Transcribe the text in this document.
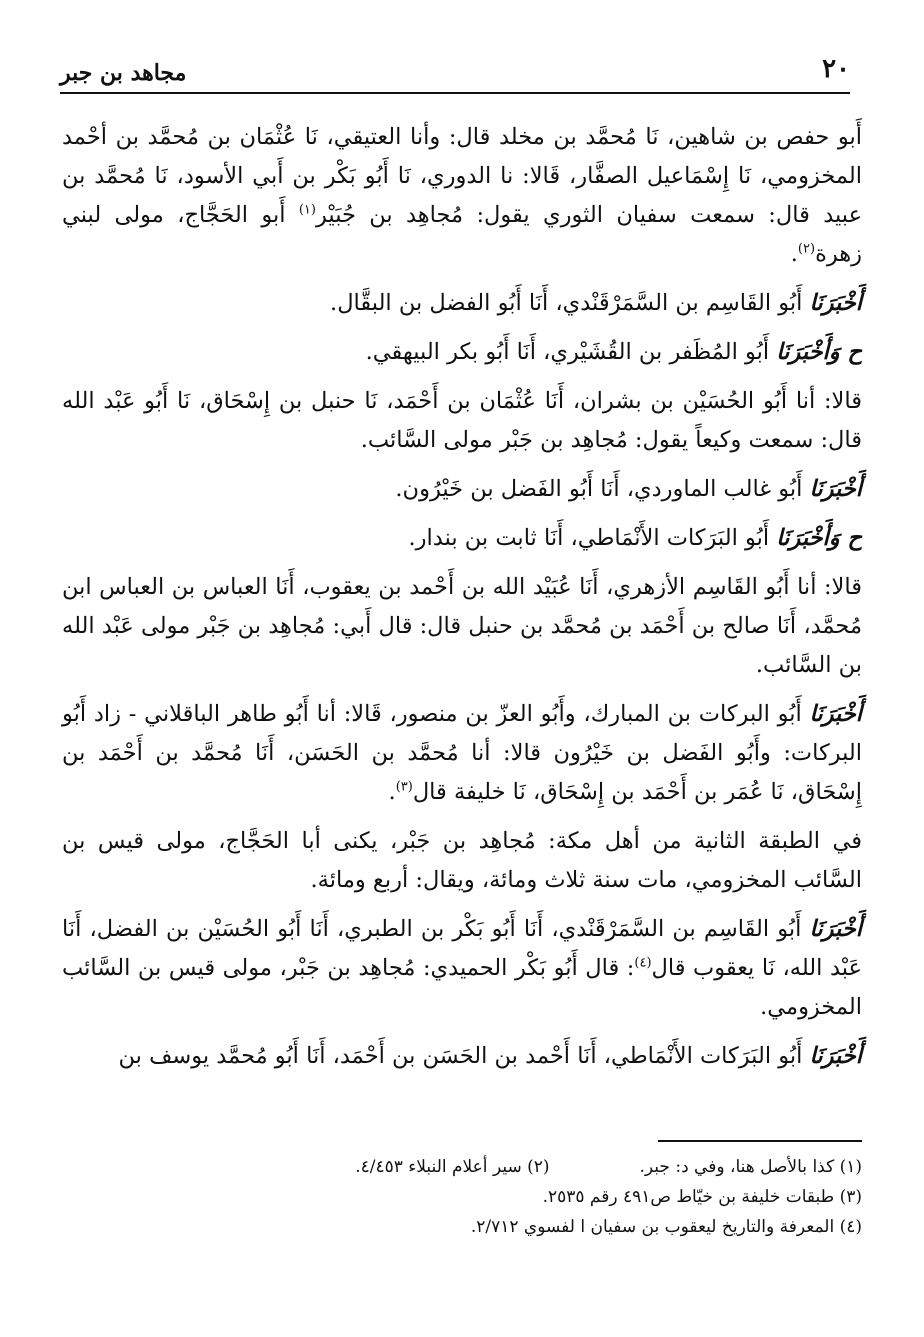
٢٠
مجاهد بن جبر

أَبو حفص بن شاهين، نَا مُحمَّد بن مخلد قال: وأنا العتيقي، نَا عُثْمَان بن مُحمَّد بن أحْمد المخزومي، نَا إِسْمَاعيل الصفَّار، قَالا: نا الدوري، نَا أَبُو بَكْر بن أَبي الأسود، نَا مُحمَّد بن عبيد قال: سمعت سفيان الثوري يقول: مُجاهِد بن جُبَيْر$^{(١)}$ أَبو الحَجَّاج، مولى لبني زهرة$^{(٢)}$.

أَخْبَرَنَا أَبُو القَاسِم بن السَّمَرْقَنْدي، أَنَا أَبُو الفضل بن البقَّال.

ح وَأَخْبَرَنَا أَبُو المُظَفر بن القُشَيْري، أَنَا أَبُو بكر البيهقي.

قالا: أنا أَبُو الحُسَيْن بن بشران، أَنَا عُثْمَان بن أَحْمَد، نَا حنبل بن إِسْحَاق، نَا أَبُو عَبْد الله قال: سمعت وكيعاً يقول: مُجاهِد بن جَبْر مولى السَّائب.

أَخْبَرَنَا أَبُو غالب الماوردي، أَنَا أَبُو الفَضل بن خَيْرُون.

ح وَأَخْبَرَنَا أَبُو البَرَكات الأَنْمَاطي، أَنَا ثابت بن بندار.

قالا: أنا أَبُو القَاسِم الأزهري، أَنَا عُبَيْد الله بن أَحْمد بن يعقوب، أَنَا العباس بن العباس ابن مُحمَّد، أَنَا صالح بن أَحْمَد بن مُحمَّد بن حنبل قال: قال أَبي: مُجاهِد بن جَبْر مولى عَبْد الله بن السَّائب.

أَخْبَرَنَا أَبُو البركات بن المبارك، وأَبُو العزّ بن منصور، قَالا: أنا أَبُو طاهر الباقلاني - زاد أَبُو البركات: وأَبُو الفَضل بن خَيْرُون قالا: أنا مُحمَّد بن الحَسَن، أَنَا مُحمَّد بن أَحْمَد بن إِسْحَاق، نَا عُمَر بن أَحْمَد بن إِسْحَاق، نَا خليفة قال$^{(٣)}$.

في الطبقة الثانية من أهل مكة: مُجاهِد بن جَبْر، يكنى أبا الحَجَّاج، مولى قيس بن السَّائب المخزومي، مات سنة ثلاث ومائة، ويقال: أربع ومائة.

أَخْبَرَنَا أَبُو القَاسِم بن السَّمَرْقَنْدي، أَنَا أَبُو بَكْر بن الطبري، أَنَا أَبُو الحُسَيْن بن الفضل، أَنَا عَبْد الله، نَا يعقوب قال$^{(٤)}$: قال أَبُو بَكْر الحميدي: مُجاهِد بن جَبْر، مولى قيس بن السَّائب المخزومي.

أَخْبَرَنَا أَبُو البَرَكات الأَنْمَاطي، أَنَا أَحْمد بن الحَسَن بن أَحْمَد، أَنَا أَبُو مُحمَّد يوسف بن

(١) كذا بالأصل هنا، وفي د: جبر.
(٢) سير أعلام النبلاء ٤/٤٥٣.
(٣) طبقات خليفة بن خيّاط ص٤٩١ رقم ٢٥٣٥.
(٤) المعرفة والتاريخ ليعقوب بن سفيان ا لفسوي ٢/٧١٢.
